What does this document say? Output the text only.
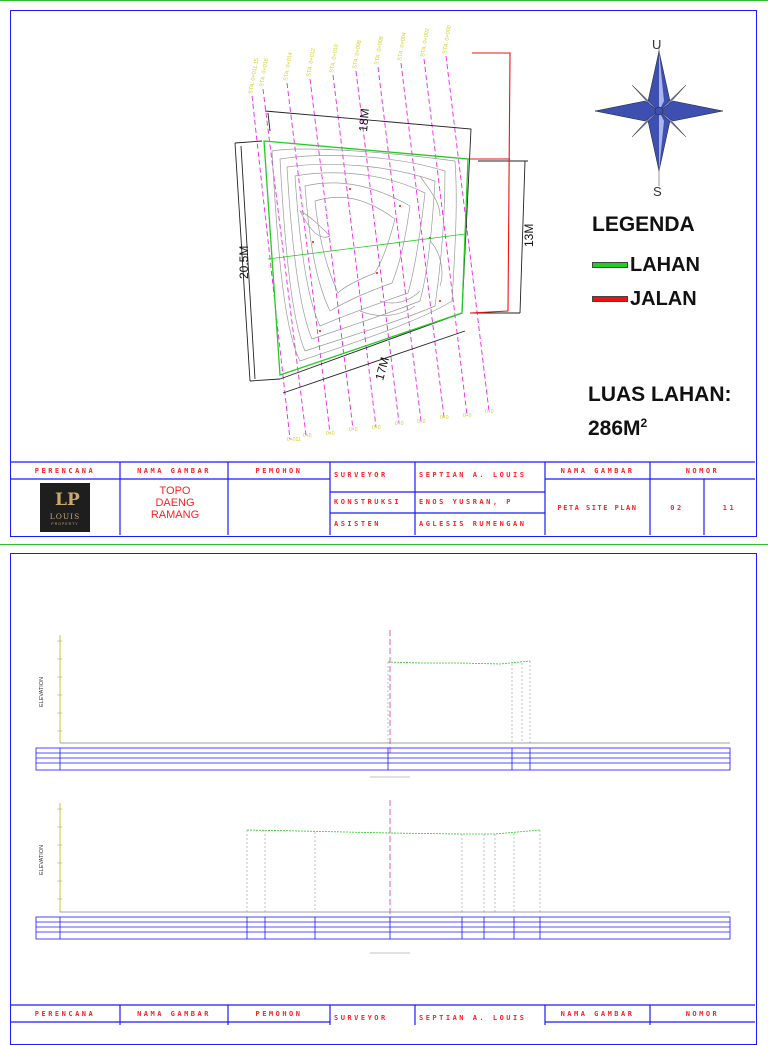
STA. 0+011.15
STA. 0+016 STA. 0+014 STA. 0+012 STA. 0+010 STA. 0+008 STA. 0+006 STA. 0+004 STA. 0+002 STA. 0+000
0+011
0+0	0+0
0+0	0+0
0+0	0+0
0+0	0+0
0+0
18M
20.5M
13M
17M
U
S
LEGENDA
LAHAN
JALAN
LUAS LAHAN:
$286M^2$
PERENCANA	NAMA GAMBAR	PEMOHON	SURVEYOR	SEPTIAN A. LOUIS
KONSTRUKSI	ENOS YUSRAN, P
ASISTEN	AGLESIS RUMENGAN
NAMA GAMBAR	NOMOR
PETA SITE PLAN	02	11
LP
LOUIS
PROPERTY
TOPO
DAENG
RAMANG
ELEVATION
ELEVATION
PERENCANA	NAMA GAMBAR	PEMOHON	SURVEYOR	SEPTIAN A. LOUIS	NAMA GAMBAR	NOMOR
